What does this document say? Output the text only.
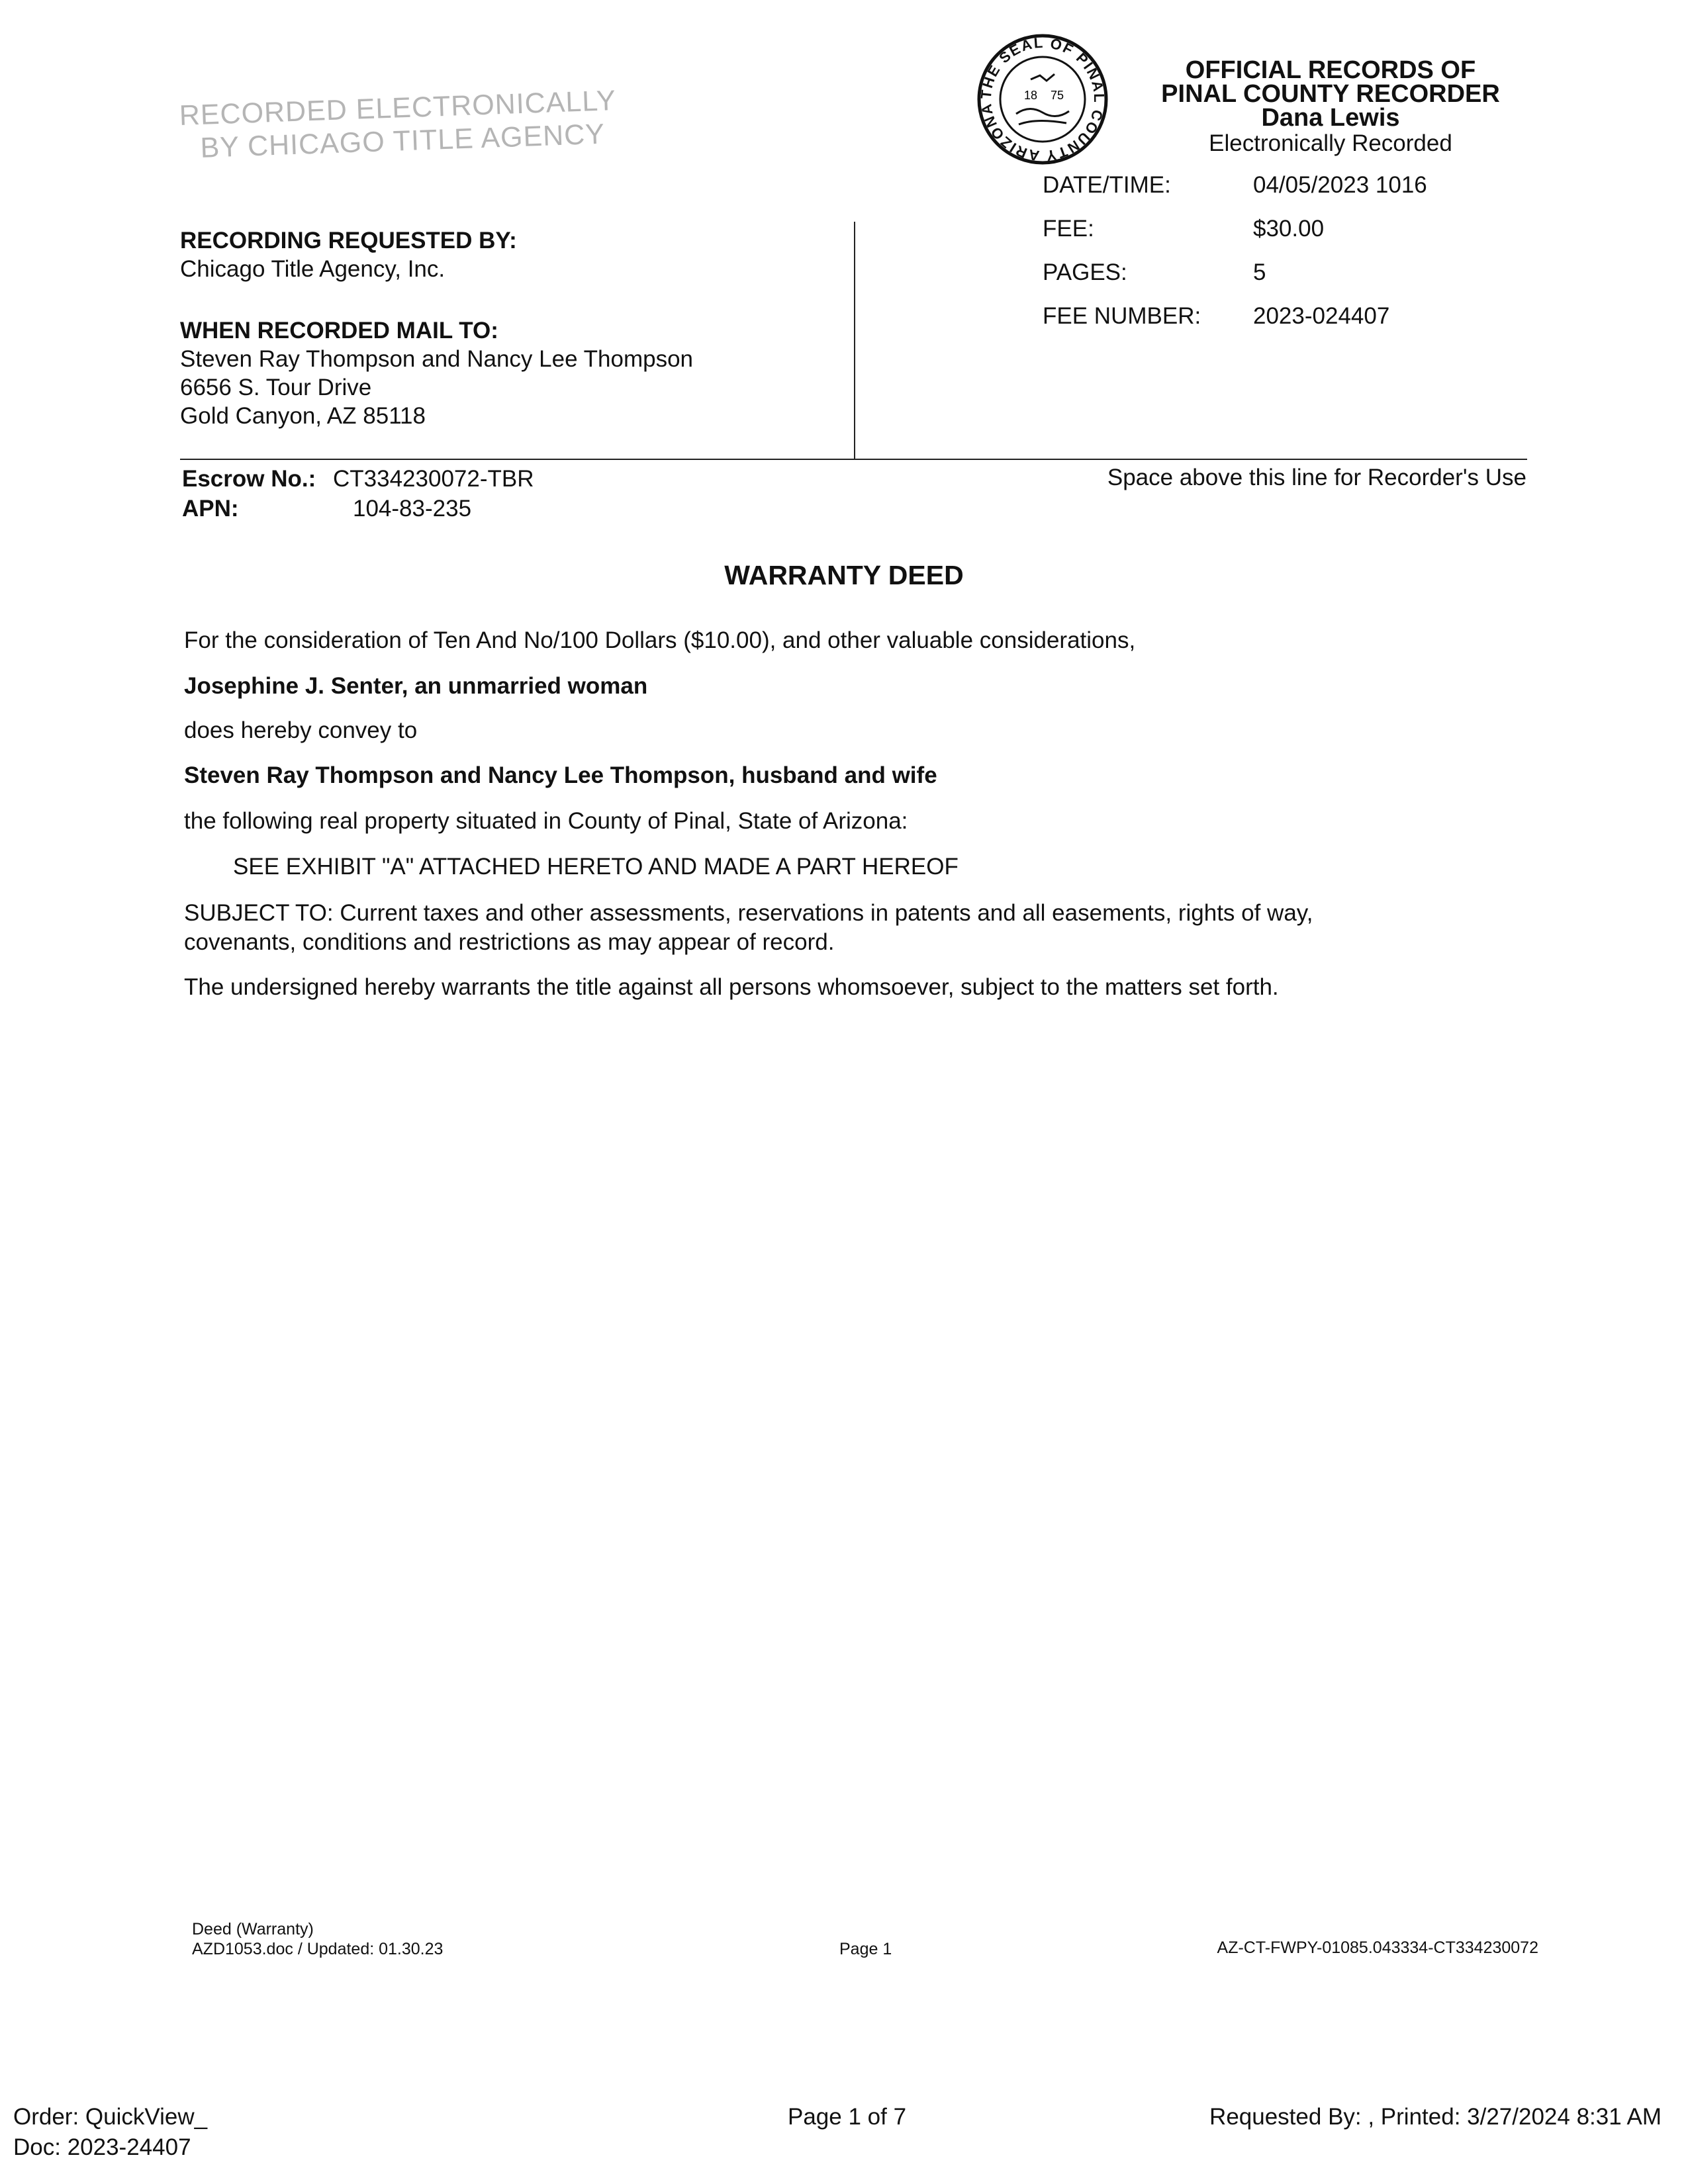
RECORDED ELECTRONICALLY
BY CHICAGO TITLE AGENCY
THE SEAL OF PINAL COUNTY ARIZONA
18 75
OFFICIAL RECORDS OF
PINAL COUNTY RECORDER
Dana Lewis
Electronically Recorded
DATE/TIME:	04/05/2023 1016
FEE:	$30.00
PAGES:	5
FEE NUMBER: 2023-024407
RECORDING REQUESTED BY:
Chicago Title Agency, Inc.
WHEN RECORDED MAIL TO:
Steven Ray Thompson and Nancy Lee Thompson
6656 S. Tour Drive
Gold Canyon, AZ 85118
Escrow No.: CT334230072-TBR
APN:	104-83-235
Space above this line for Recorder's Use
WARRANTY DEED
For the consideration of Ten And No/100 Dollars ($10.00), and other valuable considerations,
Josephine J. Senter, an unmarried woman
does hereby convey to
Steven Ray Thompson and Nancy Lee Thompson, husband and wife
the following real property situated in County of Pinal, State of Arizona:
SEE EXHIBIT "A" ATTACHED HERETO AND MADE A PART HEREOF
SUBJECT TO: Current taxes and other assessments, reservations in patents and all easements, rights of way,
covenants, conditions and restrictions as may appear of record.
The undersigned hereby warrants the title against all persons whomsoever, subject to the matters set forth.
Deed (Warranty)
AZD1053.doc / Updated: 01.30.23	Page 1	AZ-CT-FWPY-01085.043334-CT334230072
Order: QuickView_
Doc: 2023-24407
Page 1 of 7	Requested By: , Printed: 3/27/2024 8:31 AM
